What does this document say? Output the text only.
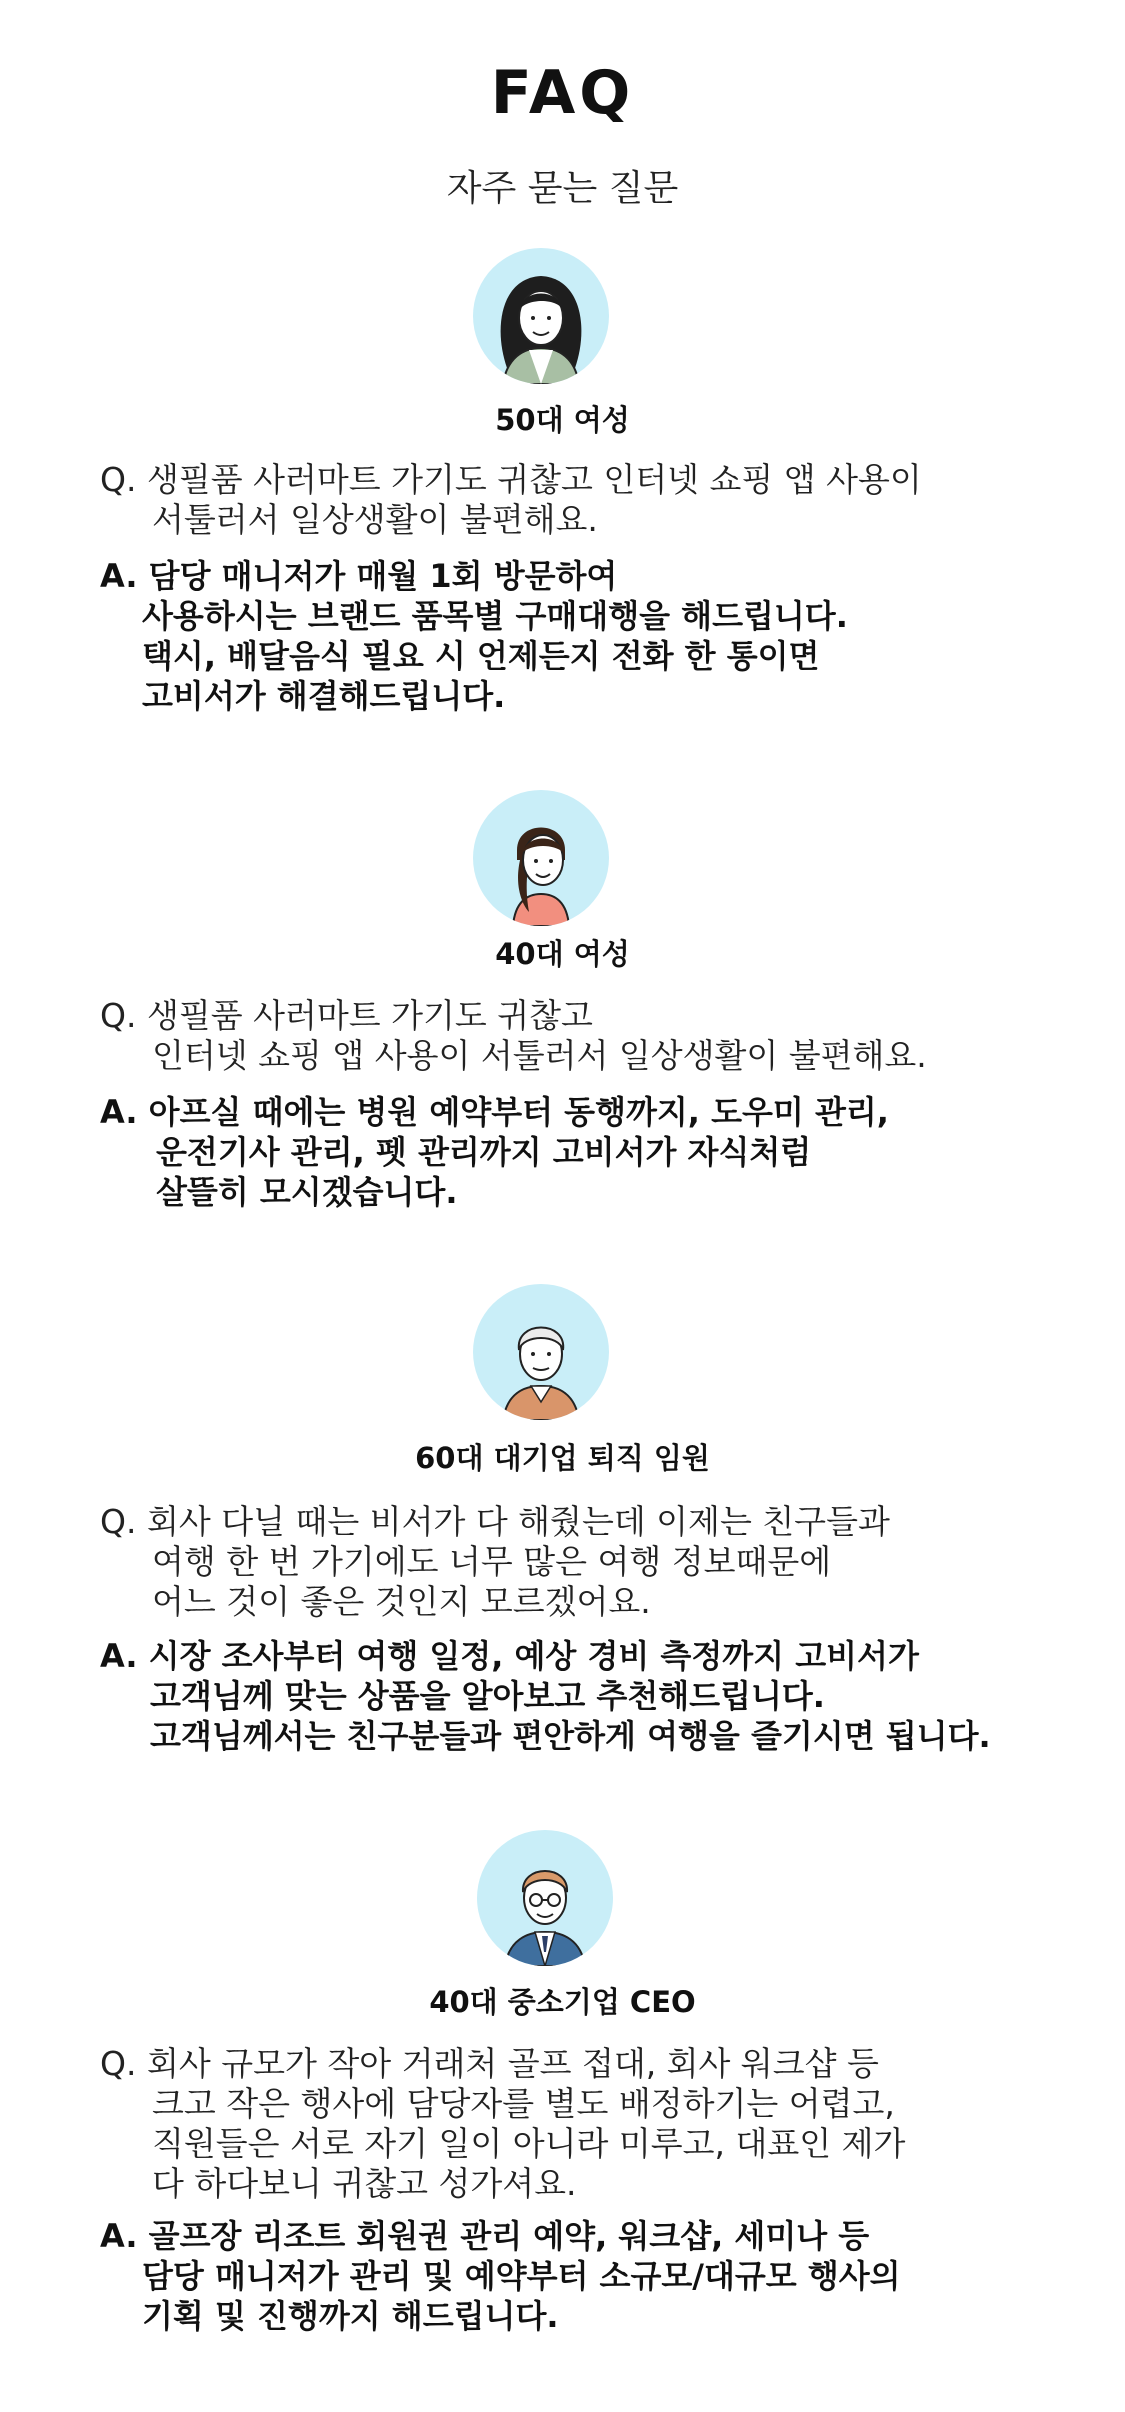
FAQ
자주 묻는 질문
50대 여성
Q. 생필품 사러마트 가기도 귀찮고 인터넷 쇼핑 앱 사용이
서툴러서 일상생활이 불편해요.
A. 담당 매니저가 매월 1회 방문하여
사용하시는 브랜드 품목별 구매대행을 해드립니다.
택시, 배달음식 필요 시 언제든지 전화 한 통이면
고비서가 해결해드립니다.
40대 여성
Q. 생필품 사러마트 가기도 귀찮고
인터넷 쇼핑 앱 사용이 서툴러서 일상생활이 불편해요.
A. 아프실 때에는 병원 예약부터 동행까지, 도우미 관리,
운전기사 관리, 펫 관리까지 고비서가 자식처럼
살뜰히 모시겠습니다.
60대 대기업 퇴직 임원
Q. 회사 다닐 때는 비서가 다 해줬는데 이제는 친구들과
여행 한 번 가기에도 너무 많은 여행 정보때문에
어느 것이 좋은 것인지 모르겠어요.
A. 시장 조사부터 여행 일정, 예상 경비 측정까지 고비서가
고객님께 맞는 상품을 알아보고 추천해드립니다.
고객님께서는 친구분들과 편안하게 여행을 즐기시면 됩니다.
40대 중소기업 CEO
Q. 회사 규모가 작아 거래처 골프 접대, 회사 워크샵 등
크고 작은 행사에 담당자를 별도 배정하기는 어렵고,
직원들은 서로 자기 일이 아니라 미루고, 대표인 제가
다 하다보니 귀찮고 성가셔요.
A. 골프장 리조트 회원권 관리 예약, 워크샵, 세미나 등
담당 매니저가 관리 및 예약부터 소규모/대규모 행사의
기획 및 진행까지 해드립니다.
